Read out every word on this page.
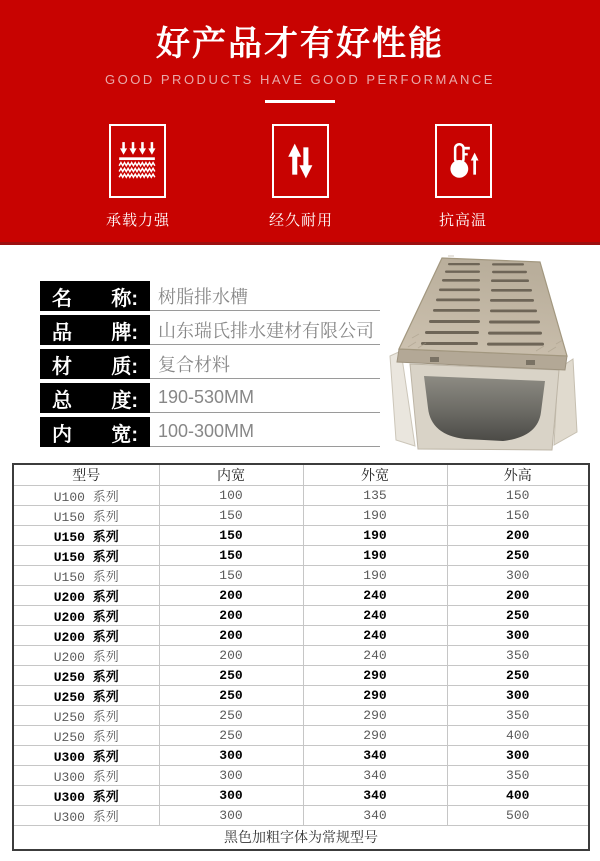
好产品才有好性能
GOOD PRODUCTS HAVE GOOD PERFORMANCE
承载力强	经久耐用	抗高温
名 称:	树脂排水槽
品 牌:	山东瑞氏排水建材有限公司
材 质:	复合材料
总 度:	190-530MM
内 宽:	100-300MM
型号	内宽	外宽	外高
U100 系列	100	135	150
U150 系列	150	190	150
U150 系列	150	190	200
U150 系列	150	190	250
U150 系列	150	190	300
U200 系列	200	240	200
U200 系列	200	240	250
U200 系列	200	240	300
U200 系列	200	240	350
U250 系列	250	290	250
U250 系列	250	290	300
U250 系列	250	290	350
U250 系列	250	290	400
U300 系列	300	340	300
U300 系列	300	340	350
U300 系列	300	340	400
U300 系列	300	340	500
黑色加粗字体为常规型号			
